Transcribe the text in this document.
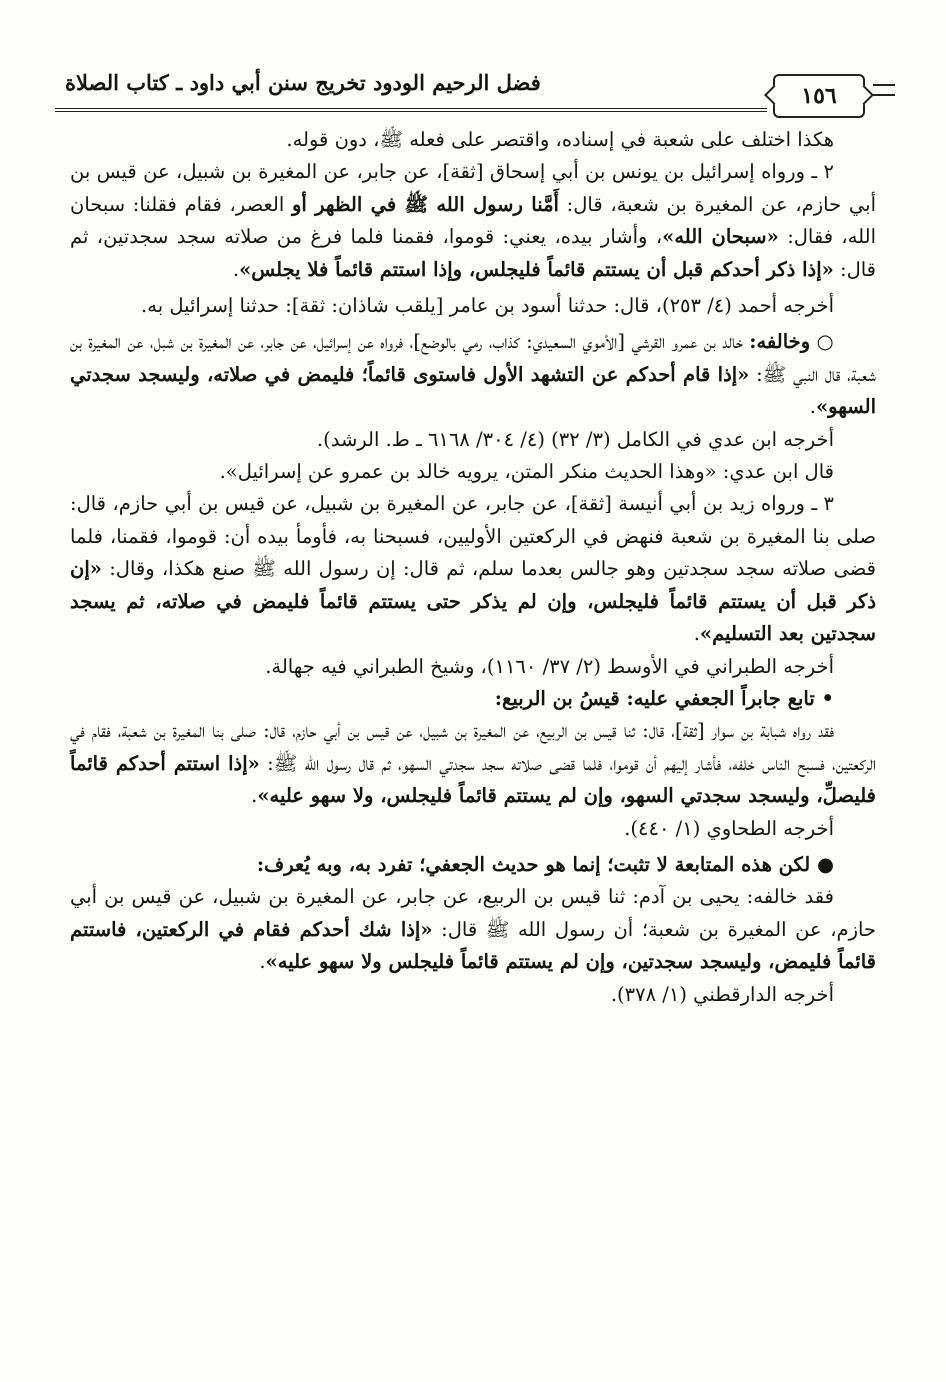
فضل الرحيم الودود تخريج سنن أبي داود ـ كتاب الصلاة
١٥٦

هكذا اختلف على شعبة في إسناده، واقتصر على فعله ﷺ، دون قوله.

٢ ـ ورواه إسرائيل بن يونس بن أبي إسحاق [ثقة]، عن جابر، عن المغيرة بن شبيل، عن قيس بن أبي حازم، عن المغيرة بن شعبة، قال: أَمَّنا رسول الله ﷺ في الظهر أو العصر، فقام فقلنا: سبحان الله، فقال: «سبحان الله»، وأشار بيده، يعني: قوموا، فقمنا فلما فرغ من صلاته سجد سجدتين، ثم قال: «إذا ذكر أحدكم قبل أن يستتم قائماً فليجلس، وإذا استتم قائماً فلا يجلس».

أخرجه أحمد (٤/ ٢٥٣)، قال: حدثنا أسود بن عامر [يلقب شاذان: ثقة]: حدثنا إسرائيل به.

○ وخالفه: خالد بن عمرو القرشي [الأموي السعيدي: كذاب، رمي بالوضع]، فرواه عن إسرائيل، عن جابر، عن المغيرة بن شبل، عن المغيرة بن شعبة، قال النبي ﷺ: «إذا قام أحدكم عن التشهد الأول فاستوى قائماً؛ فليمض في صلاته، وليسجد سجدتي السهو».

أخرجه ابن عدي في الكامل (٣/ ٣٢) (٤/ ٣٠٤/ ٦١٦٨ ـ ط. الرشد).

قال ابن عدي: «وهذا الحديث منكر المتن، يرويه خالد بن عمرو عن إسرائيل».

٣ ـ ورواه زيد بن أبي أنيسة [ثقة]، عن جابر، عن المغيرة بن شبيل، عن قيس بن أبي حازم، قال: صلى بنا المغيرة بن شعبة فنهض في الركعتين الأوليين، فسبحنا به، فأومأ بيده أن: قوموا، فقمنا، فلما قضى صلاته سجد سجدتين وهو جالس بعدما سلم، ثم قال: إن رسول الله ﷺ صنع هكذا، وقال: «إن ذكر قبل أن يستتم قائماً فليجلس، وإن لم يذكر حتى يستتم قائماً فليمض في صلاته، ثم يسجد سجدتين بعد التسليم».

أخرجه الطبراني في الأوسط (٢/ ٣٧/ ١١٦٠)، وشيخ الطبراني فيه جهالة.

• تابع جابراً الجعفي عليه: قيسُ بن الربيع:

فقد رواه شبابة بن سوار [ثقة]، قال: ثنا قيس بن الربيع، عن المغيرة بن شبيل، عن قيس بن أبي حازم، قال: صلى بنا المغيرة بن شعبة، فقام في الركعتين، فسبح الناس خلفه، فأشار إليهم أن قوموا، فلما قضى صلاته سجد سجدتي السهو، ثم قال رسول الله ﷺ: «إذا استتم أحدكم قائماً فليصلِّ، وليسجد سجدتي السهو، وإن لم يستتم قائماً فليجلس، ولا سهو عليه».

أخرجه الطحاوي (١/ ٤٤٠).

● لكن هذه المتابعة لا تثبت؛ إنما هو حديث الجعفي؛ تفرد به، وبه يُعرف:

فقد خالفه: يحيى بن آدم: ثنا قيس بن الربيع، عن جابر، عن المغيرة بن شبيل، عن قيس بن أبي حازم، عن المغيرة بن شعبة؛ أن رسول الله ﷺ قال: «إذا شك أحدكم فقام في الركعتين، فاستتم قائماً فليمض، وليسجد سجدتين، وإن لم يستتم قائماً فليجلس ولا سهو عليه».

أخرجه الدارقطني (١/ ٣٧٨).
